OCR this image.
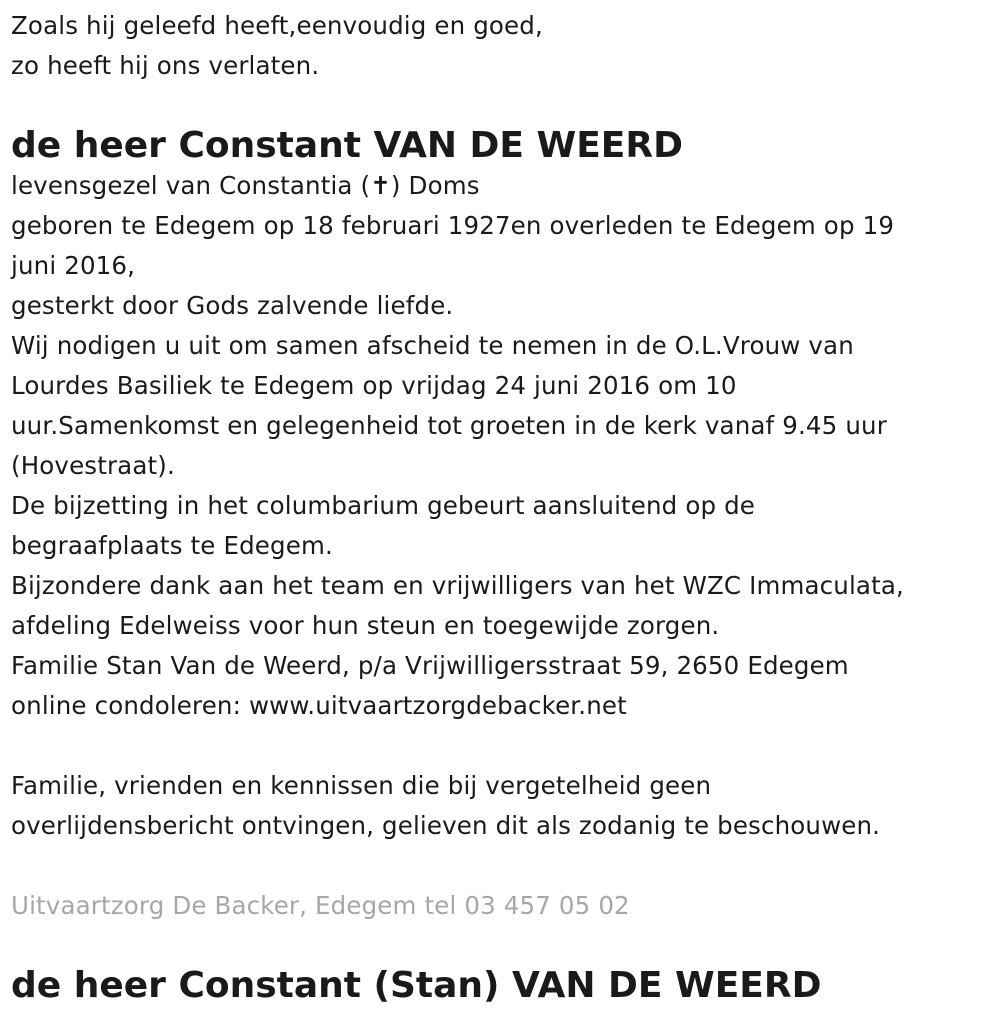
Zoals hij geleefd heeft,eenvoudig en goed,
zo heeft hij ons verlaten.
de heer Constant VAN DE WEERD
levensgezel van Constantia (✝) Doms
geboren te Edegem op 18 februari 1927en overleden te Edegem op 19
juni 2016,
gesterkt door Gods zalvende liefde.
Wij nodigen u uit om samen afscheid te nemen in de O.L.Vrouw van
Lourdes Basiliek te Edegem op vrijdag 24 juni 2016 om 10
uur.Samenkomst en gelegenheid tot groeten in de kerk vanaf 9.45 uur
(Hovestraat).
De bijzetting in het columbarium gebeurt aansluitend op de
begraafplaats te Edegem.
Bijzondere dank aan het team en vrijwilligers van het WZC Immaculata,
afdeling Edelweiss voor hun steun en toegewijde zorgen.
Familie Stan Van de Weerd, p/a Vrijwilligersstraat 59, 2650 Edegem
online condoleren: www.uitvaartzorgdebacker.net
Familie, vrienden en kennissen die bij vergetelheid geen
overlijdensbericht ontvingen, gelieven dit als zodanig te beschouwen.
Uitvaartzorg De Backer, Edegem tel 03 457 05 02
de heer Constant (Stan) VAN DE WEERD
